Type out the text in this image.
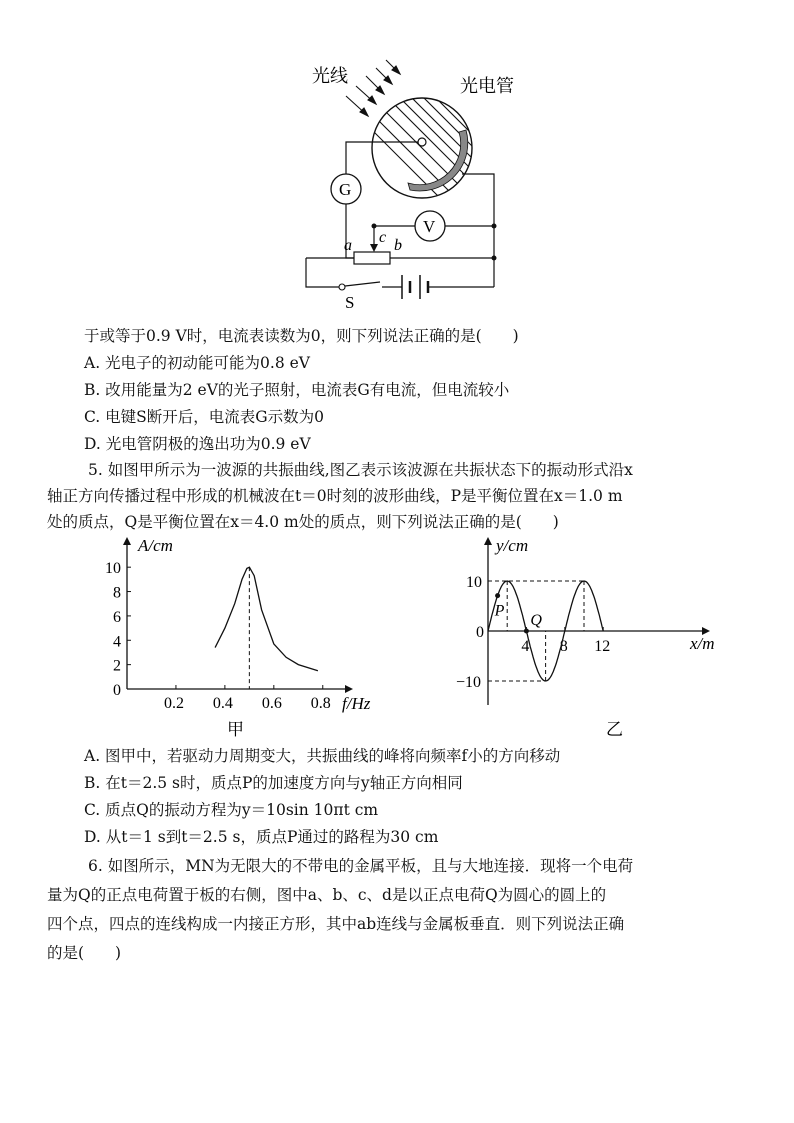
光线	光电管
G
V
c
a	b
S
于或等于0.9 V时，电流表读数为0，则下列说法正确的是(　　)
A. 光电子的初动能可能为0.8 eV
B. 改用能量为2 eV的光子照射，电流表G有电流，但电流较小
C. 电键S断开后，电流表G示数为0
D. 光电管阴极的逸出功为0.9 eV
5. 如图甲所示为一波源的共振曲线,图乙表示该波源在共振状态下的振动形式沿x
轴正方向传播过程中形成的机械波在t＝0时刻的波形曲线，P是平衡位置在x＝1.0 m
处的质点，Q是平衡位置在x＝4.0 m处的质点，则下列说法正确的是(　　)
0.2 0.4 0.6 0.8
0
2
4
6
8
10
A/cm
f/Hz
甲
4 8 12
10
0
−10
P
Q
y/cm
x/m
乙
A. 图甲中，若驱动力周期变大，共振曲线的峰将向频率f小的方向移动
B. 在t＝2.5 s时，质点P的加速度方向与y轴正方向相同
C. 质点Q的振动方程为y＝10sin 10πt cm
D. 从t＝1 s到t＝2.5 s，质点P通过的路程为30 cm
6. 如图所示，MN为无限大的不带电的金属平板，且与大地连接．现将一个电荷
量为Q的正点电荷置于板的右侧，图中a、b、c、d是以正点电荷Q为圆心的圆上的
四个点，四点的连线构成一内接正方形，其中ab连线与金属板垂直．则下列说法正确
的是(　　)
